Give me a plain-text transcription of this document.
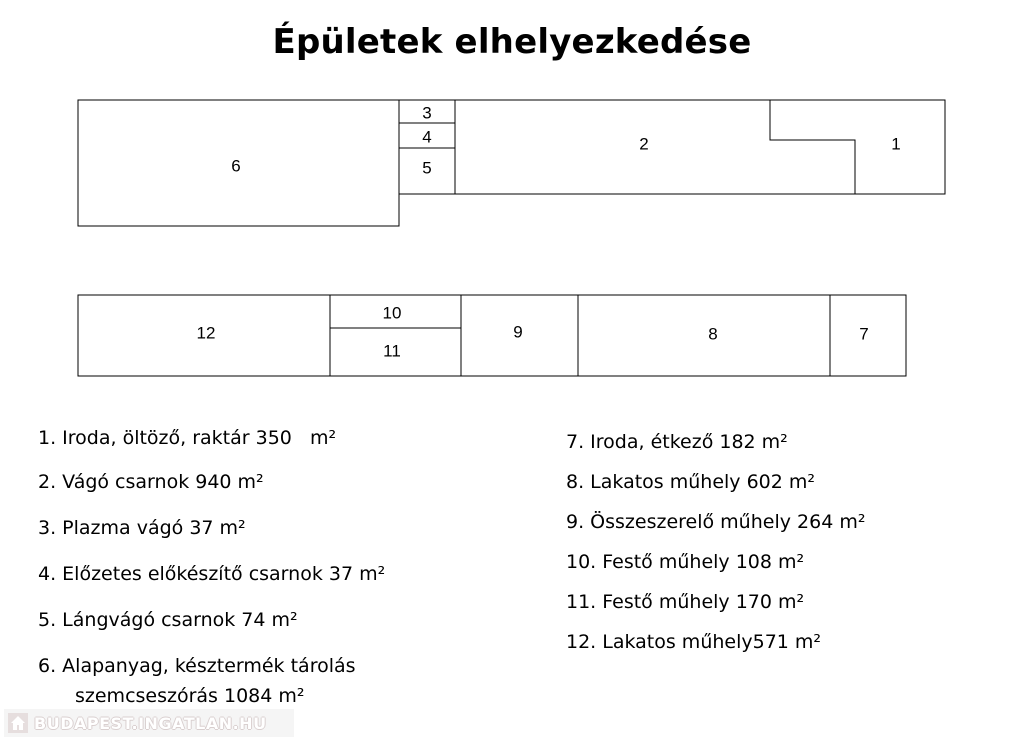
Épületek elhelyezkedése
6
3
4
5
2	1
12
10
11
9	8	7
1. Iroda, öltöző, raktár 350   m²
2. Vágó csarnok 940 m²
3. Plazma vágó 37 m²
4. Előzetes előkészítő csarnok 37 m²
5. Lángvágó csarnok 74 m²
6. Alapanyag, késztermék tárolás
szemcseszórás 1084 m²
7. Iroda, étkező 182 m²
8. Lakatos műhely 602 m²
9. Összeszerelő műhely 264 m²
10. Festő műhely 108 m²
11. Festő műhely 170 m²
12. Lakatos műhely571 m²
BUDAPEST.INGATLAN.HU
